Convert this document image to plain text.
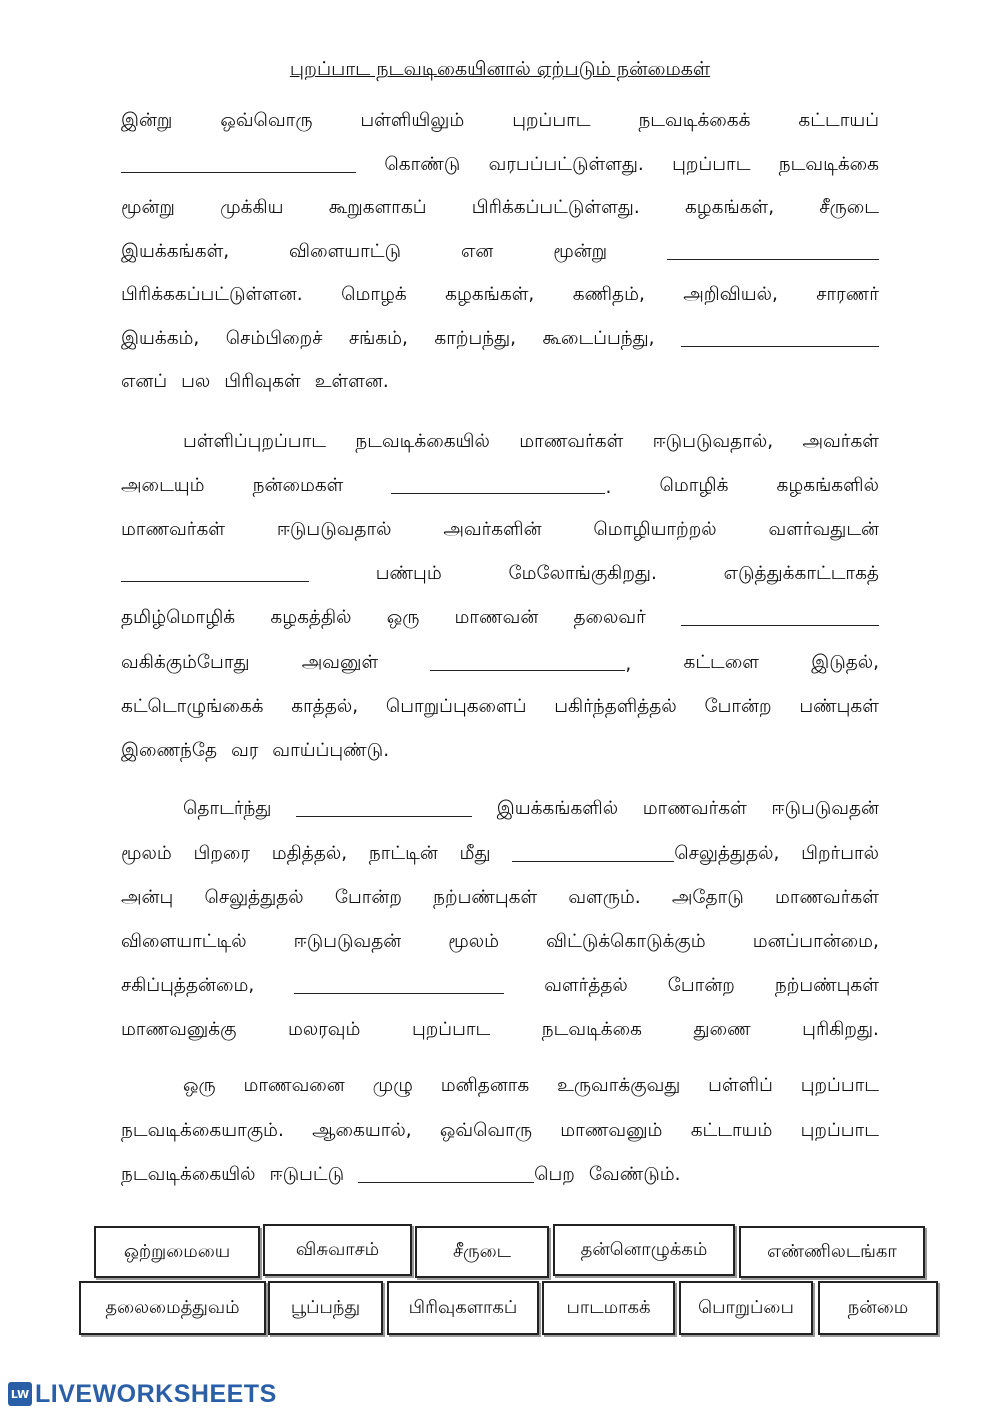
புறப்பாட நடவடிகையினால் ஏற்படும் நன்மைகள்
இன்று	ஒவ்வொரு	பள்ளியிலும்	புறப்பாட	நடவடிக்கைக்	கட்டாயப்
கொண்டு வரபப்பட்டுள்ளது. புறப்பாட நடவடிக்கை
மூன்று முக்கிய கூறுகளாகப் பிரிக்கப்பட்டுள்ளது. கழகங்கள், சீருடை
இயக்கங்கள்,	விளையாட்டு	என	மூன்று
பிரிக்ககப்பட்டுள்ளன. மொழக் கழகங்கள், கணிதம், அறிவியல், சாரணர்
இயக்கம், செம்பிறைச் சங்கம், காற்பந்து, கூடைப்பந்து,
எனப் பல பிரிவுகள் உள்ளன.
பள்ளிப்புறப்பாட நடவடிக்கையில் மாணவர்கள் ஈடுபடுவதால், அவர்கள்
அடையும்	நன்மைகள்	.	மொழிக்	கழகங்களில்
மாணவர்கள்	ஈடுபடுவதால்	அவர்களின்	மொழியாற்றல்	வளர்வதுடன்
பண்பும்	மேலோங்குகிறது.	எடுத்துக்காட்டாகத்
தமிழ்மொழிக் கழகத்தில் ஒரு மாணவன் தலைவர்
வகிக்கும்போது	அவனுள்	,	கட்டளை	இடுதல்,
கட்டொழுங்கைக் காத்தல், பொறுப்புகளைப் பகிர்ந்தளித்தல் போன்ற பண்புகள்
இணைந்தே வர வாய்ப்புண்டு.
தொடர்ந்து	இயக்கங்களில் மாணவர்கள் ஈடுபடுவதன்
மூலம் பிறரை மதித்தல், நாட்டின் மீது	செலுத்துதல், பிறர்பால்
அன்பு செலுத்துதல் போன்ற நற்பண்புகள் வளரும். அதோடு மாணவர்கள்
விளையாட்டில்	ஈடுபடுவதன்	மூலம்	விட்டுக்கொடுக்கும்	மனப்பான்மை,
சகிப்புத்தன்மை,	வளர்த்தல் போன்ற நற்பண்புகள்
மாணவனுக்கு	மலரவும்	புறப்பாட	நடவடிக்கை	துணை	புரிகிறது.
ஒரு மாணவனை முழு மனிதனாக உருவாக்குவது பள்ளிப் புறப்பாட
நடவடிக்கையாகும். ஆகையால், ஒவ்வொரு மாணவனும் கட்டாயம் புறப்பாட
நடவடிக்கையில் ஈடுபட்டு	பெற வேண்டும்.
ஒற்றுமையை	விசுவாசம்	சீருடை	தன்னொழுக்கம்	எண்ணிலடங்கா
தலைமைத்துவம்	பூப்பந்து	பிரிவுகளாகப்	பாடமாகக்	பொறுப்பை	நன்மை
LW LIVEWORKSHEETS
